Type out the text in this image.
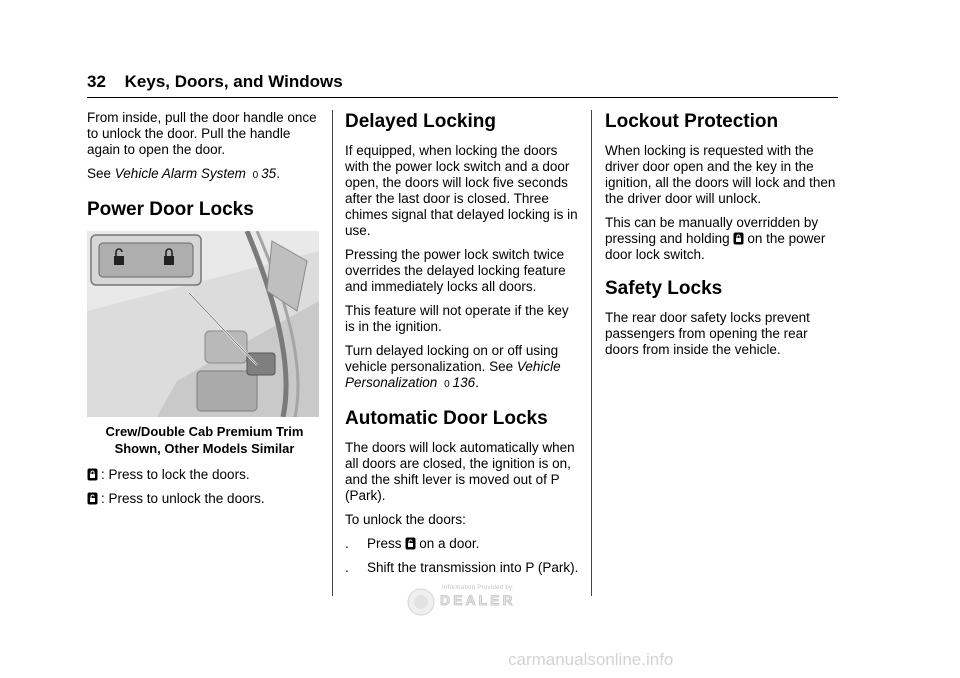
32 Keys, Doors, and Windows

From inside, pull the door handle once to unlock the door. Pull the handle again to open the door.

See Vehicle Alarm System 0 35.

Power Door Locks
Crew/Double Cab Premium Trim
Shown, Other Models Similar

: Press to lock the doors.

: Press to unlock the doors.

Delayed Locking

If equipped, when locking the doors with the power lock switch and a door open, the doors will lock five seconds after the last door is closed. Three chimes signal that delayed locking is in use.

Pressing the power lock switch twice overrides the delayed locking feature and immediately locks all doors.

This feature will not operate if the key is in the ignition.

Turn delayed locking on or off using vehicle personalization. See Vehicle Personalization 0 136.

Automatic Door Locks

The doors will lock automatically when all doors are closed, the ignition is on, and the shift lever is moved out of P (Park).

To unlock the doors:

. Press on a door.
. Shift the transmission into P (Park).
Lockout Protection

When locking is requested with the driver door open and the key in the ignition, all the doors will lock and then the driver door will unlock.

This can be manually overridden by pressing and holding on the power door lock switch.

Safety Locks

The rear door safety locks prevent passengers from opening the rear doors from inside the vehicle.

Information Provided by:
DEALER
carmanualsonline.info
